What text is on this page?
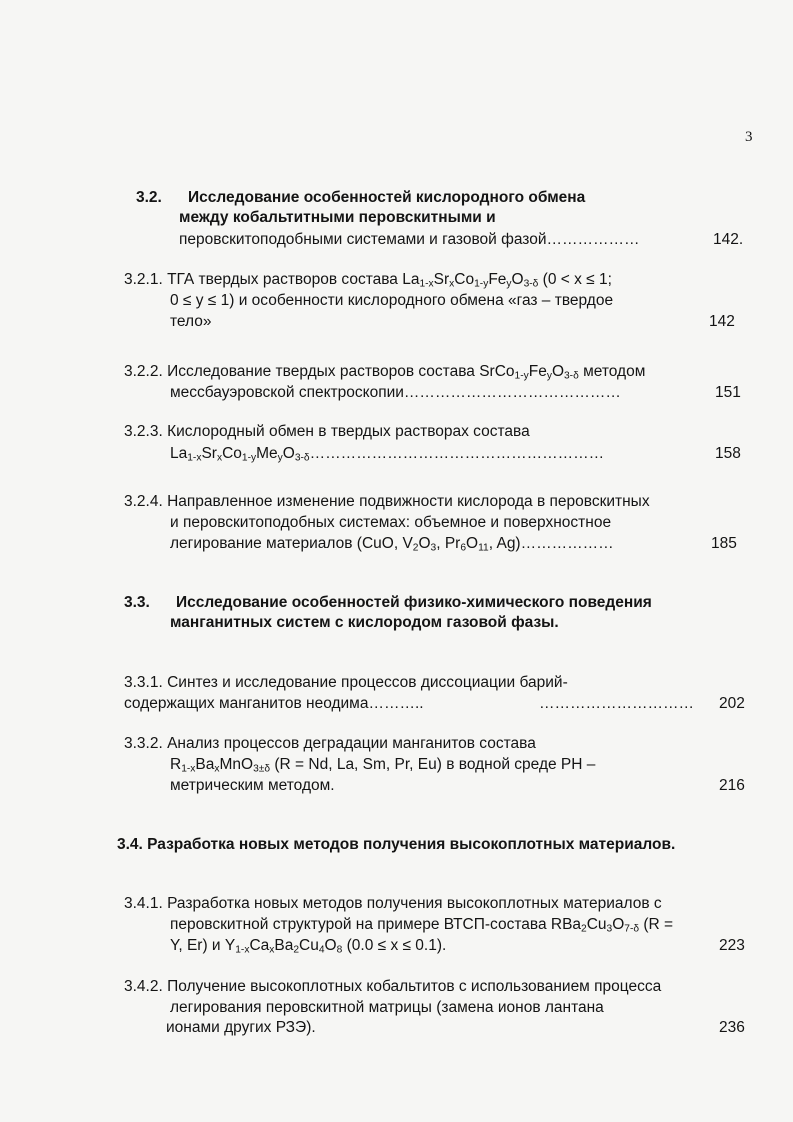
3
3.2. Исследование особенностей кислородного обмена
между кобальтитными перовскитными и
перовскитоподобными системами и газовой фазой………………	142.
3.2.1. ТГА твердых растворов состава $La_{1-x}Sr_xCo_{1-y}Fe_yO_{3-\delta}$ (0 < x ≤ 1;
0 ≤ y ≤ 1) и особенности кислородного обмена «газ – твердое
тело»	142
3.2.2. Исследование твердых растворов состава $SrCo_{1-y}Fe_yO_{3-\delta}$ методом
мессбауэровской спектроскопии……………………………………	151
3.2.3. Кислородный обмен в твердых растворах состава
$La_{1-x}Sr_xCo_{1-y}Me_yO_{3-\delta}\dots\dots\dots\dots\dots\dots\dots\dots\dots\dots\dots\dots\dots\dots\dots\dots\dots\dots\dots$	158
3.2.4. Направленное изменение подвижности кислорода в перовскитных
и перовскитоподобных системах: объемное и поверхностное
легирование материалов (CuO, $V_2O_3$, $Pr_6O_{11}$, Ag)………………	185
3.3. Исследование особенностей физико-химического поведения
манганитных систем с кислородом газовой фазы.
3.3.1. Синтез и исследование процессов диссоциации барий-
содержащих манганитов неодима………..	………………………… 202
3.3.2. Анализ процессов деградации манганитов состава
$R_{1-x}Ba_xMnO_{3\pm\delta}$ (R = Nd, La, Sm, Pr, Eu) в водной среде PH –
метрическим методом.	216
3.4. Разработка новых методов получения высокоплотных материалов.
3.4.1. Разработка новых методов получения высокоплотных материалов с
перовскитной структурой на примере ВТСП-состава $RBa_2Cu_3O_{7-\delta}$ (R =
Y, Er) и $Y_{1-x}Ca_xBa_2Cu_4O_8$ (0.0 ≤ x ≤ 0.1).	223
3.4.2. Получение высокоплотных кобальтитов с использованием процесса
легирования перовскитной матрицы (замена ионов лантана
ионами других РЗЭ).	236
